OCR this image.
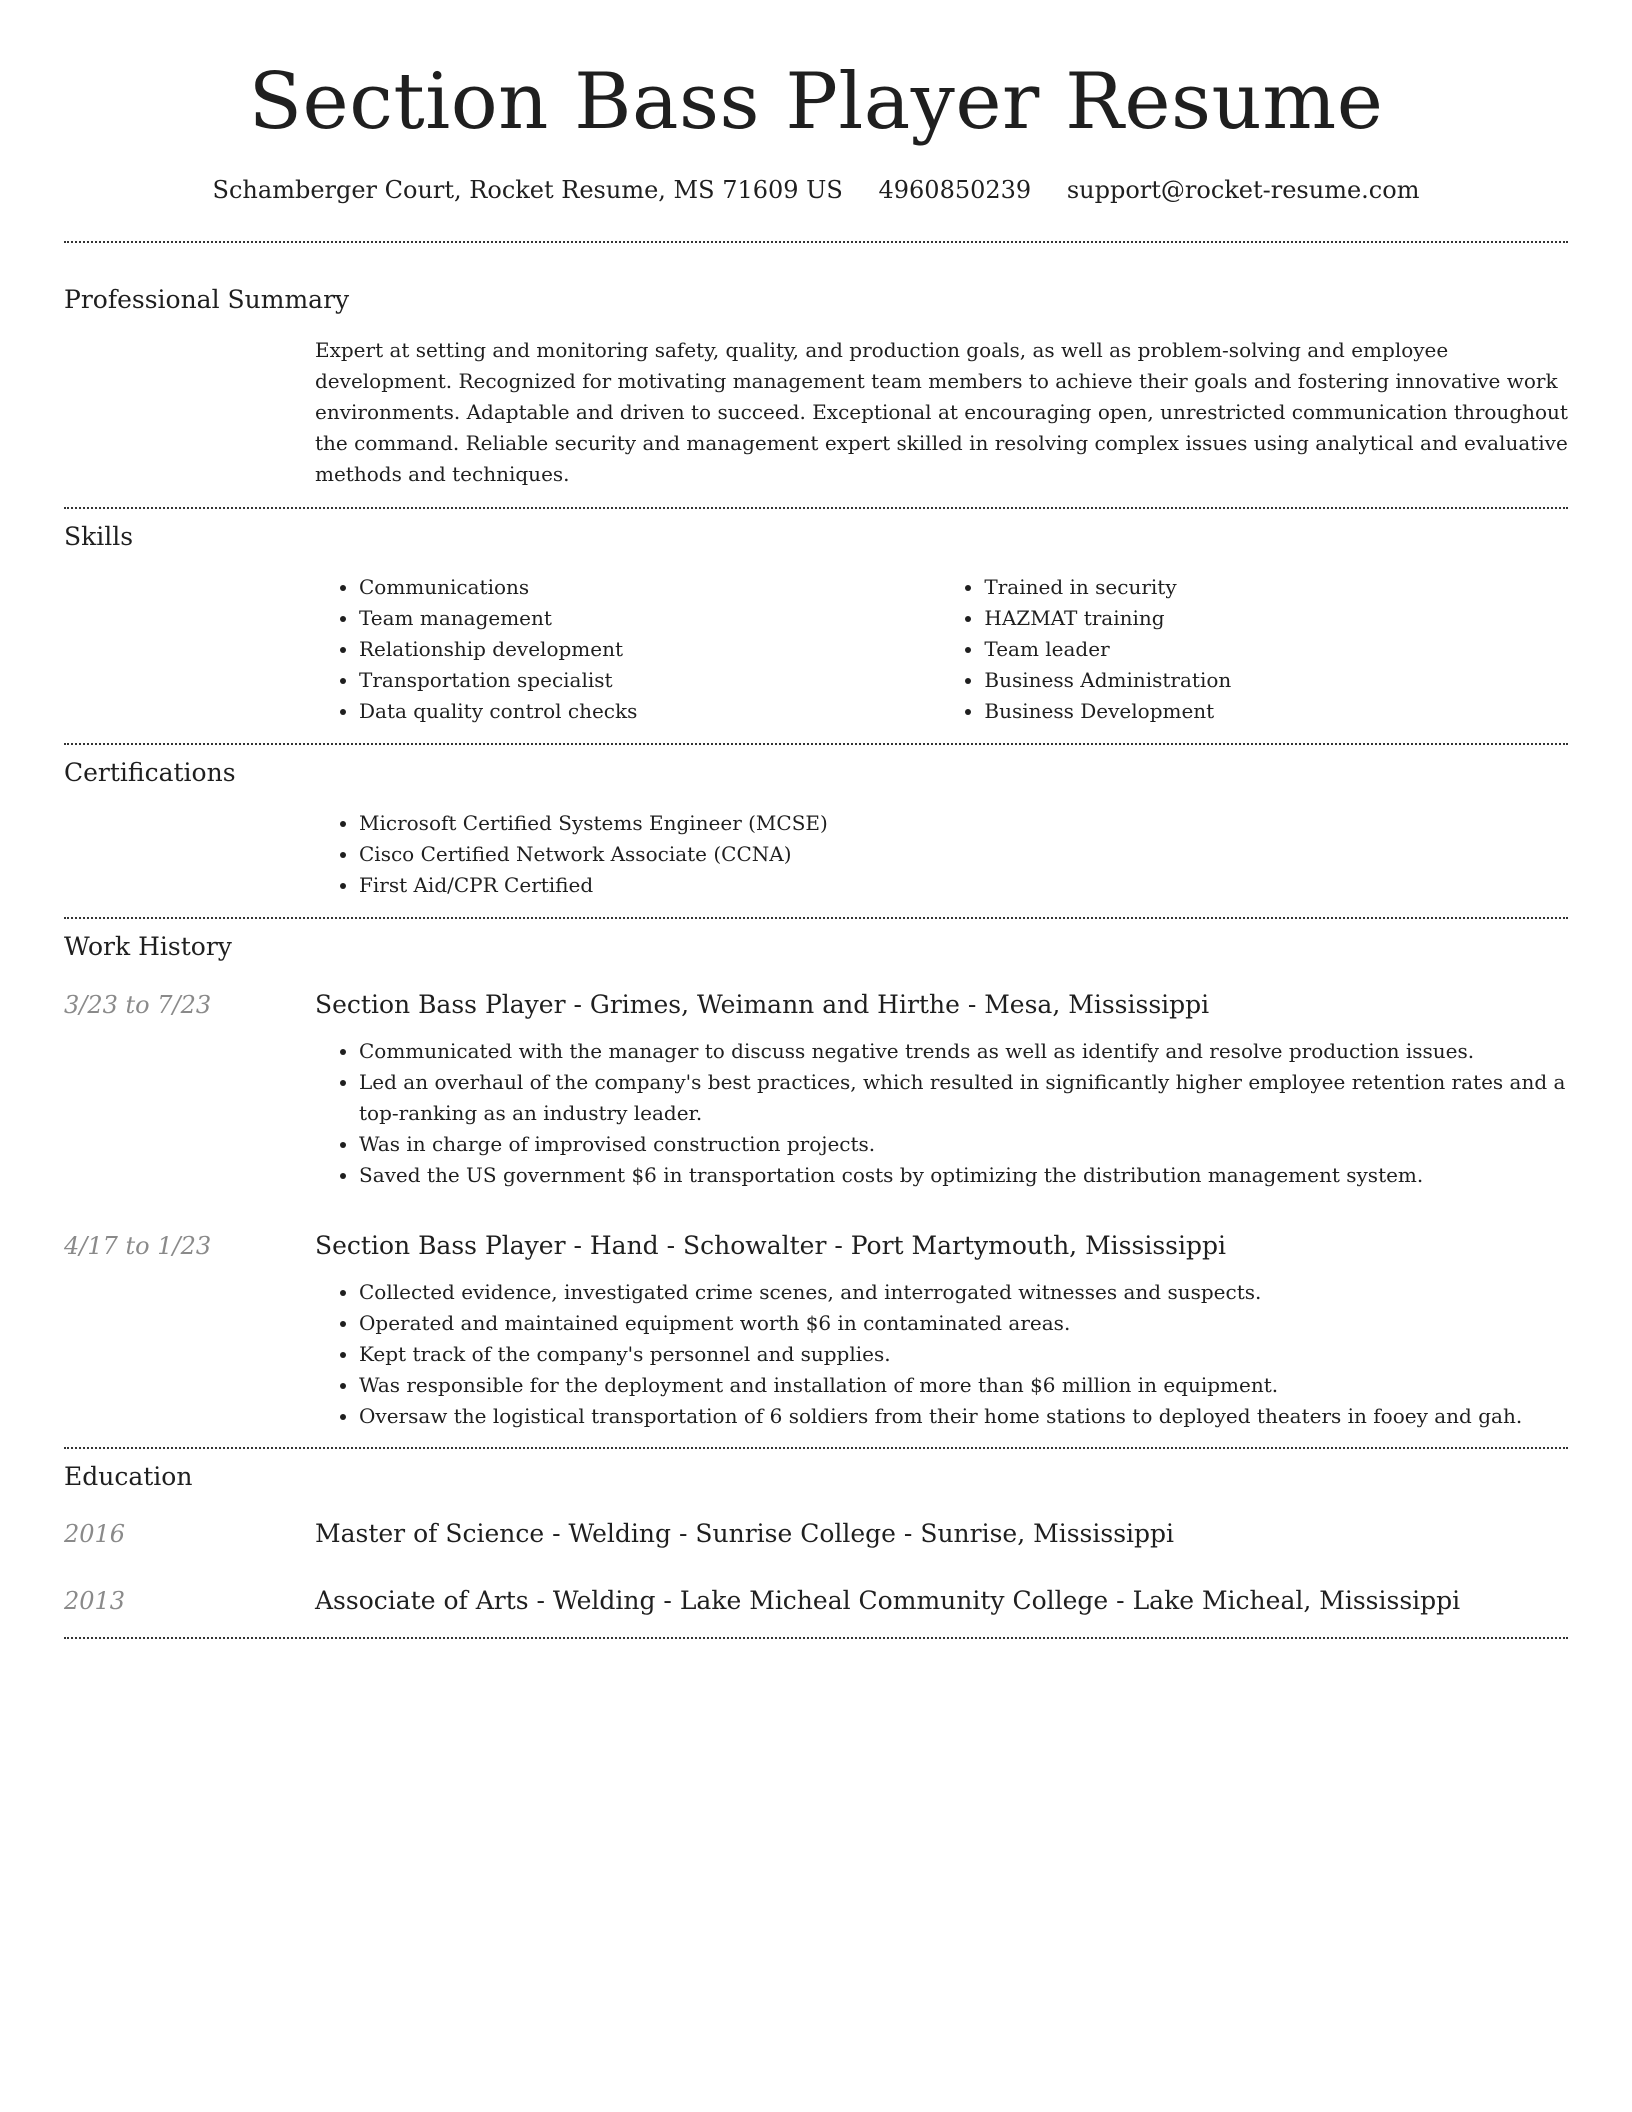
Section Bass Player Resume
Schamberger Court, Rocket Resume, MS 71609 US 4960850239 support@rocket-resume.com
Professional Summary
Expert at setting and monitoring safety, quality, and production goals, as well as problem-solving and employee development. Recognized for motivating management team members to achieve their goals and fostering innovative work environments. Adaptable and driven to succeed. Exceptional at encouraging open, unrestricted communication throughout the command. Reliable security and management expert skilled in resolving complex issues using analytical and evaluative methods and techniques.
Skills
• Communications
• Team management
• Relationship development
• Transportation specialist
• Data quality control checks
• Trained in security
• HAZMAT training
• Team leader
• Business Administration
• Business Development
Certifications
• Microsoft Certified Systems Engineer (MCSE)
• Cisco Certified Network Associate (CCNA)
• First Aid/CPR Certified
Work History
3/23 to 7/23	Section Bass Player - Grimes, Weimann and Hirthe - Mesa, Mississippi
• Communicated with the manager to discuss negative trends as well as identify and resolve production issues.
• Led an overhaul of the company's best practices, which resulted in significantly higher employee retention rates and a top-ranking as an industry leader.
• Was in charge of improvised construction projects.
• Saved the US government $6 in transportation costs by optimizing the distribution management system.
4/17 to 1/23	Section Bass Player - Hand - Schowalter - Port Martymouth, Mississippi
• Collected evidence, investigated crime scenes, and interrogated witnesses and suspects.
• Operated and maintained equipment worth $6 in contaminated areas.
• Kept track of the company's personnel and supplies.
• Was responsible for the deployment and installation of more than $6 million in equipment.
• Oversaw the logistical transportation of 6 soldiers from their home stations to deployed theaters in fooey and gah.
Education
2016	Master of Science - Welding - Sunrise College - Sunrise, Mississippi
2013	Associate of Arts - Welding - Lake Micheal Community College - Lake Micheal, Mississippi
